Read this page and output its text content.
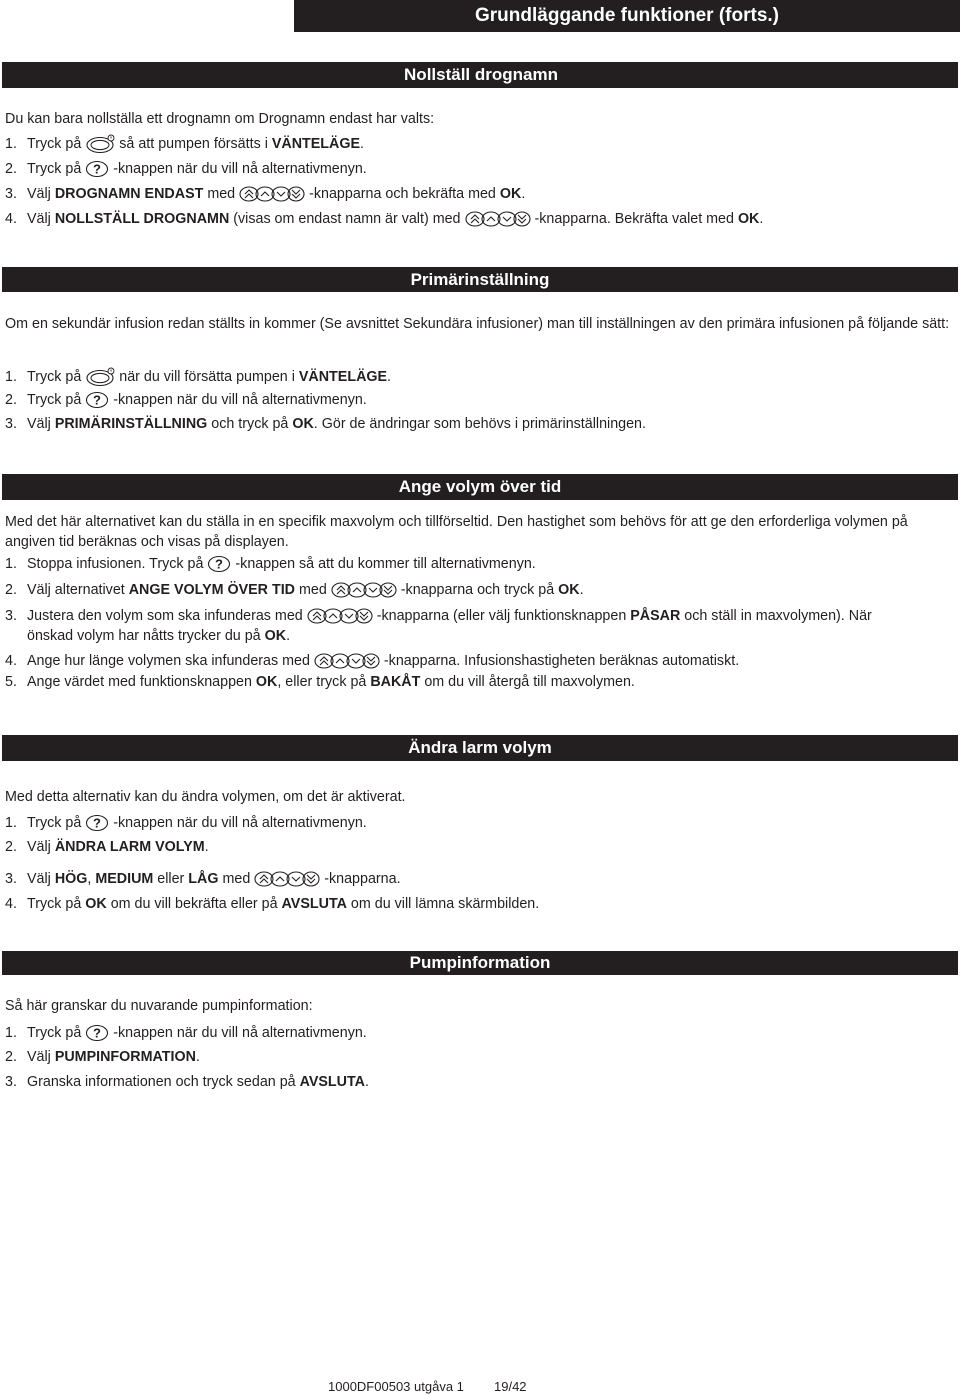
Grundläggande funktioner (forts.)
Nollställ drognamn
Du kan bara nollställa ett drognamn om Drognamn endast har valts:
1. Tryck på	så att pumpen försätts i VÄNTELÄGE.
2. Tryck på ? -knappen när du vill nå alternativmenyn.
3. Välj DROGNAMN ENDAST med	-knapparna och bekräfta med OK.
4. Välj NOLLSTÄLL DROGNAMN (visas om endast namn är valt) med	-knapparna. Bekräfta valet med OK.
Primärinställning
Om en sekundär infusion redan ställts in kommer (Se avsnittet Sekundära infusioner) man till inställningen av den primära infusionen på följande sätt:
1. Tryck på	när du vill försätta pumpen i VÄNTELÄGE.
2. Tryck på ? -knappen när du vill nå alternativmenyn.
3. Välj PRIMÄRINSTÄLLNING och tryck på OK. Gör de ändringar som behövs i primärinställningen.
Ange volym över tid
Med det här alternativet kan du ställa in en specifik maxvolym och tillförseltid. Den hastighet som behövs för att ge den erforderliga volymen på angiven tid beräknas och visas på displayen.
1. Stoppa infusionen. Tryck på ? -knappen så att du kommer till alternativmenyn.
2. Välj alternativet ANGE VOLYM ÖVER TID med	-knapparna och tryck på OK.
3. Justera den volym som ska infunderas med	-knapparna (eller välj funktionsknappen PÅSAR och ställ in maxvolymen). När
önskad volym har nåtts trycker du på OK.
4. Ange hur länge volymen ska infunderas med	-knapparna. Infusionshastigheten beräknas automatiskt.
5. Ange värdet med funktionsknappen OK, eller tryck på BAKÅT om du vill återgå till maxvolymen.
Ändra larm volym
Med detta alternativ kan du ändra volymen, om det är aktiverat.
1. Tryck på ? -knappen när du vill nå alternativmenyn.
2. Välj ÄNDRA LARM VOLYM.
3. Välj HÖG, MEDIUM eller LÅG med	-knapparna.
4. Tryck på OK om du vill bekräfta eller på AVSLUTA om du vill lämna skärmbilden.
Pumpinformation
Så här granskar du nuvarande pumpinformation:
1. Tryck på ? -knappen när du vill nå alternativmenyn.
2. Välj PUMPINFORMATION.
3. Granska informationen och tryck sedan på AVSLUTA.
1000DF00503 utgåva 1 19/42
